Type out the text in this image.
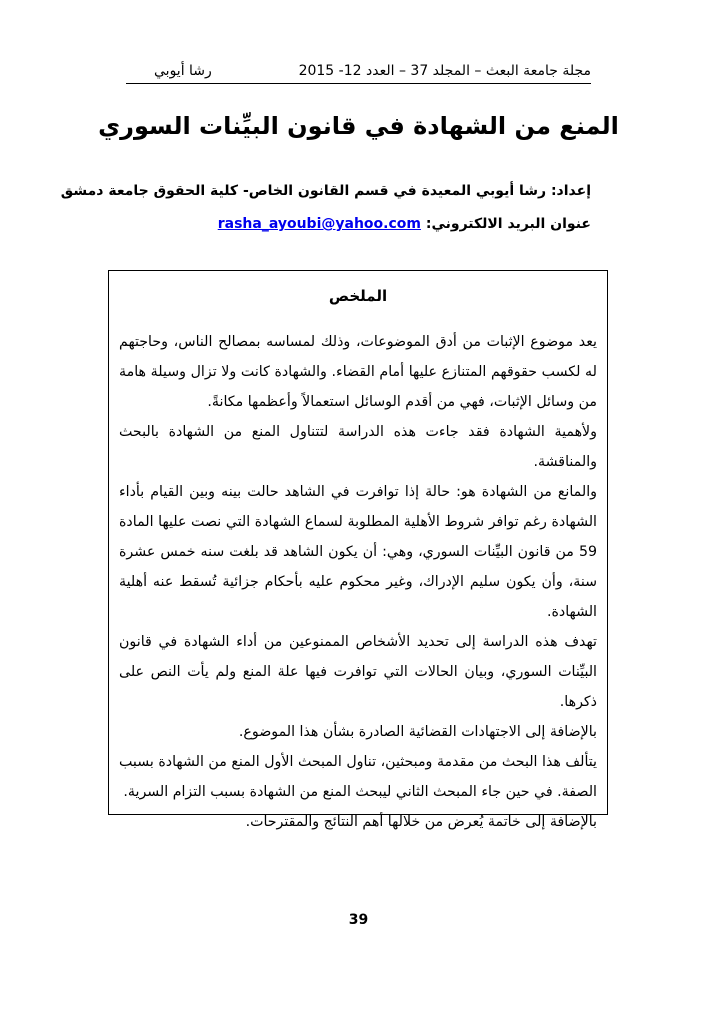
رشا أيوبي	مجلة جامعة البعث – المجلد 37 – العدد 12- 2015
المنع من الشهادة في قانون البيِّنات السوري
إعداد: رشا أيوبي المعيدة في قسم القانون الخاص- كلية الحقوق جامعة دمشق
عنوان البريد الالكتروني: rasha_ayoubi@yahoo.com
الملخص

يعد موضوع الإثبات من أدق الموضوعات، وذلك لمساسه بمصالح الناس، وحاجتهم له لكسب حقوقهم المتنازع عليها أمام القضاء. والشهادة كانت ولا تزال وسيلة هامة من وسائل الإثبات، فهي من أقدم الوسائل استعمالاً وأعظمها مكانةً.

ولأهمية الشهادة فقد جاءت هذه الدراسة لتتناول المنع من الشهادة بالبحث والمناقشة.

والمانع من الشهادة هو: حالة إذا توافرت في الشاهد حالت بينه وبين القيام بأداء الشهادة رغم توافر شروط الأهلية المطلوبة لسماع الشهادة التي نصت عليها المادة 59 من قانون البيِّنات السوري، وهي: أن يكون الشاهد قد بلغت سنه خمس عشرة سنة، وأن يكون سليم الإدراك، وغير محكوم عليه بأحكام جزائية تُسقط عنه أهلية الشهادة.

تهدف هذه الدراسة إلى تحديد الأشخاص الممنوعين من أداء الشهادة في قانون البيِّنات السوري، وبيان الحالات التي توافرت فيها علة المنع ولم يأت النص على ذكرها.

بالإضافة إلى الاجتهادات القضائية الصادرة بشأن هذا الموضوع.

يتألف هذا البحث من مقدمة ومبحثين، تناول المبحث الأول المنع من الشهادة بسبب الصفة. في حين جاء المبحث الثاني ليبحث المنع من الشهادة بسبب التزام السرية.

بالإضافة إلى خاتمة يُعرض من خلالها أهم النتائج والمقترحات.

39
